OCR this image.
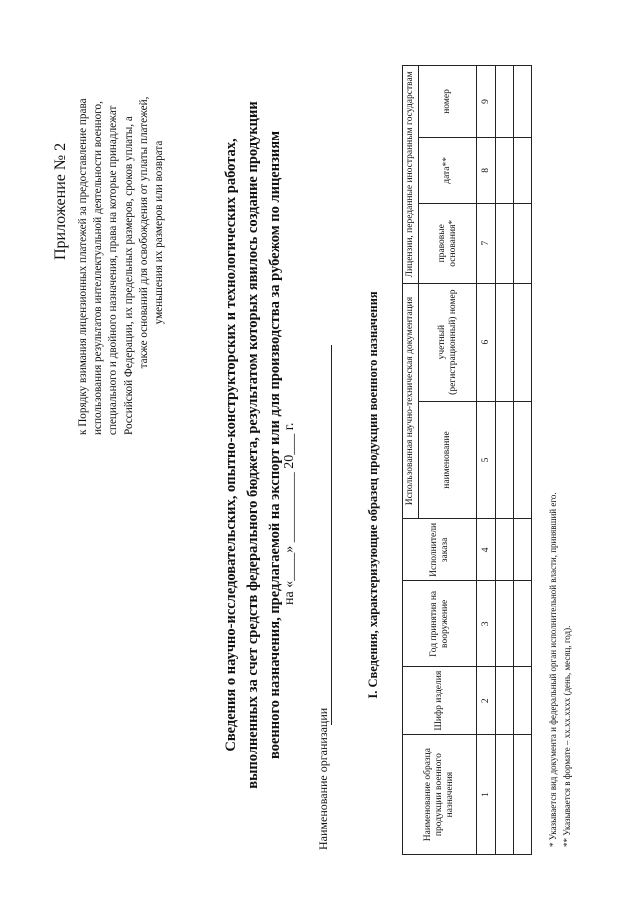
Приложение № 2 к Порядку взимания лицензионных платежей за предоставление права использования результатов интеллектуальной деятельности военного, специального и двойного назначения, права на которые принадлежат Российской Федерации, их предельных размеров, сроков уплаты, а также оснований для освобождения от уплаты платежей, уменьшения их размеров или возврата	Сведения о научно-исследовательских, опытно-конструкторских и технологических работах, выполненных за счет средств федерального бюджета, результатом которых явилось создание продукции военного назначения, предлагаемой на экспорт или для производства за рубежом по лицензиям на «____» __________ 20___ г.
Наименование организации
I. Сведения, характеризующие образец продукции военного назначения
Наименование образца продукции военного назначения	Шифр изделия	Год принятия на вооружение	Исполнители заказа	Использованная научно-техническая документация		Лицензии, переданные иностранным государствам		
				наименование	учетный (регистрационный) номер	правовые основания*	дата**	номер
1	2	3	4	5	6	7	8	9

* Указывается вид документа и федеральный орган исполнительной власти, принявший его. ** Указывается в формате – хх.хх.хххх (день, месяц, год).
